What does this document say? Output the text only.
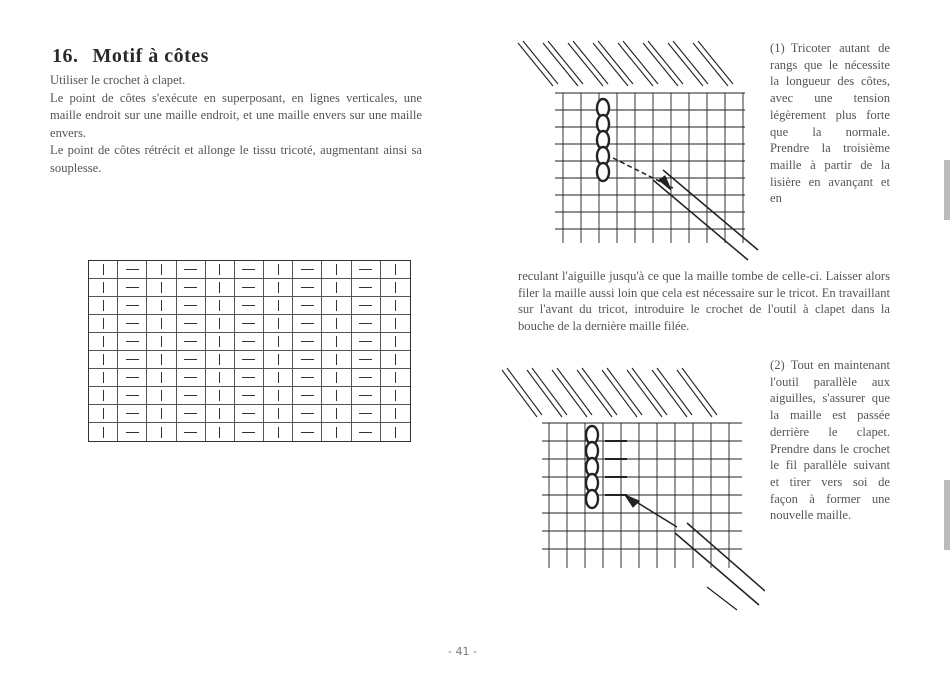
16. Motif à côtes

Utiliser le crochet à clapet.

Le point de côtes s'exécute en superposant, en lignes verticales, une maille endroit sur une maille endroit, et une maille envers sur une maille envers.

Le point de côtes rétrécit et allonge le tissu tricoté, augmentant ainsi sa souplesse.

(1) Tricoter autant de rangs que le nécessite la longueur des côtes, avec une tension légèrement plus forte que la normale. Prendre la troisième maille à partir de la lisière en avançant et en
reculant l'aiguille jusqu'à ce que la maille tombe de celle-ci. Laisser alors filer la maille aussi loin que cela est nécessaire sur le tricot. En travaillant sur l'avant du tricot, introduire le crochet de l'outil à clapet dans la bouche de la dernière maille filée.
(2) Tout en maintenant l'outil parallèle aux aiguilles, s'assurer que la maille est passée derrière le clapet. Prendre dans le crochet le fil parallèle suivant et tirer vers soi de façon à former une nouvelle maille.
- 41 -
